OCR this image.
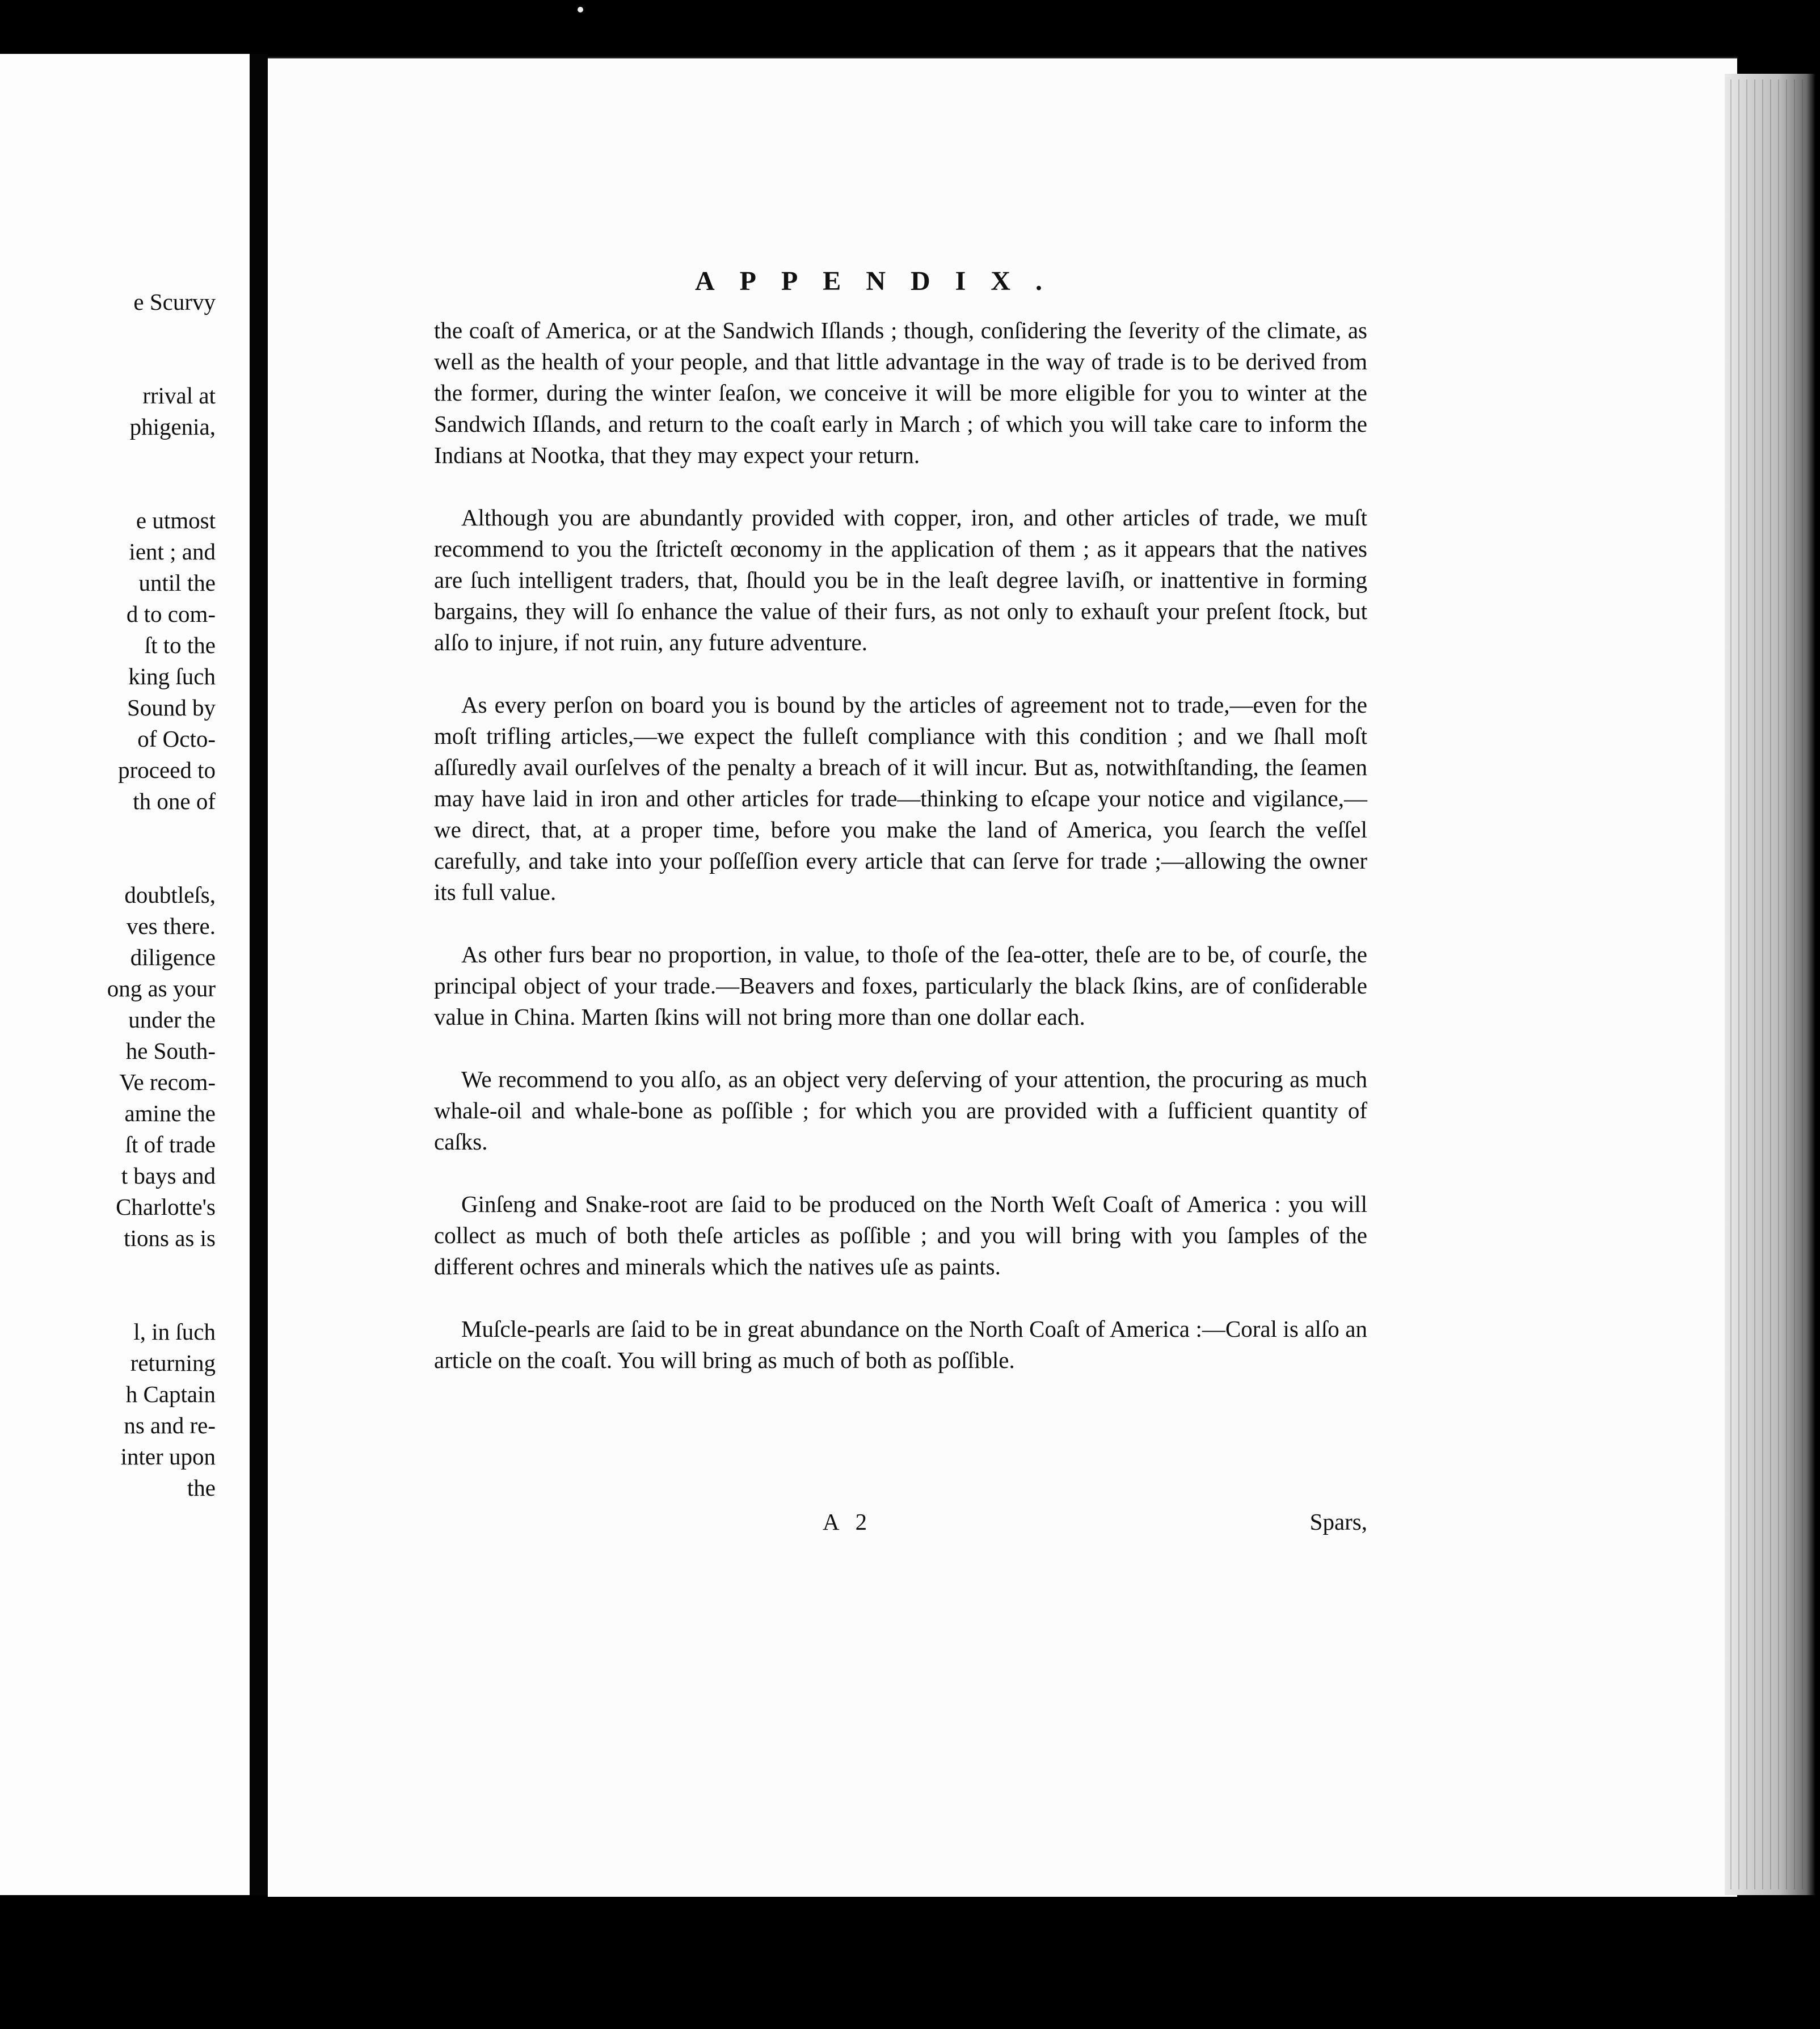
e Scurvy
rrival at
phigenia,
e utmost
ient ; and
until the
d to com-
ſt to the
king ſuch
Sound by
of Octo-
proceed to
th one of
doubtleſs,
ves there.
diligence
ong as your
under the
he South-
Ve recom-
amine the
ſt of trade
t bays and
Charlotte's
tions as is
l, in ſuch
returning
h Captain
ns and re-
inter upon
the
APPENDIX.

the coaſt of America, or at the Sandwich Iſlands ; though, conſidering the ſeverity of the climate, as well as the health of your people, and that little advantage in the way of trade is to be derived from the former, during the winter ſeaſon, we conceive it will be more eligible for you to winter at the Sandwich Iſlands, and return to the coaſt early in March ; of which you will take care to inform the Indians at Nootka, that they may expect your return.

Although you are abundantly provided with copper, iron, and other articles of trade, we muſt recommend to you the ſtricteſt œconomy in the application of them ; as it appears that the natives are ſuch intelligent traders, that, ſhould you be in the leaſt degree laviſh, or inattentive in forming bargains, they will ſo enhance the value of their furs, as not only to exhauſt your preſent ſtock, but alſo to injure, if not ruin, any future adventure.

As every perſon on board you is bound by the articles of agreement not to trade,—even for the moſt trifling articles,—we expect the fulleſt compliance with this condition ; and we ſhall moſt aſſuredly avail ourſelves of the penalty a breach of it will incur. But as, notwithſtanding, the ſeamen may have laid in iron and other articles for trade—thinking to eſcape your notice and vigilance,—we direct, that, at a proper time, before you make the land of America, you ſearch the veſſel carefully, and take into your poſſeſſion every article that can ſerve for trade ;—allowing the owner its full value.

As other furs bear no proportion, in value, to thoſe of the ſea-otter, theſe are to be, of courſe, the principal object of your trade.—Beavers and foxes, particularly the black ſkins, are of conſiderable value in China. Marten ſkins will not bring more than one dollar each.

We recommend to you alſo, as an object very deſerving of your attention, the procuring as much whale-oil and whale-bone as poſſible ; for which you are provided with a ſufficient quantity of caſks.

Ginſeng and Snake-root are ſaid to be produced on the North Weſt Coaſt of America : you will collect as much of both theſe articles as poſſible ; and you will bring with you ſamples of the different ochres and minerals which the natives uſe as paints.

Muſcle-pearls are ſaid to be in great abundance on the North Coaſt of America :—Coral is alſo an article on the coaſt. You will bring as much of both as poſſible.

A 2	Spars,
